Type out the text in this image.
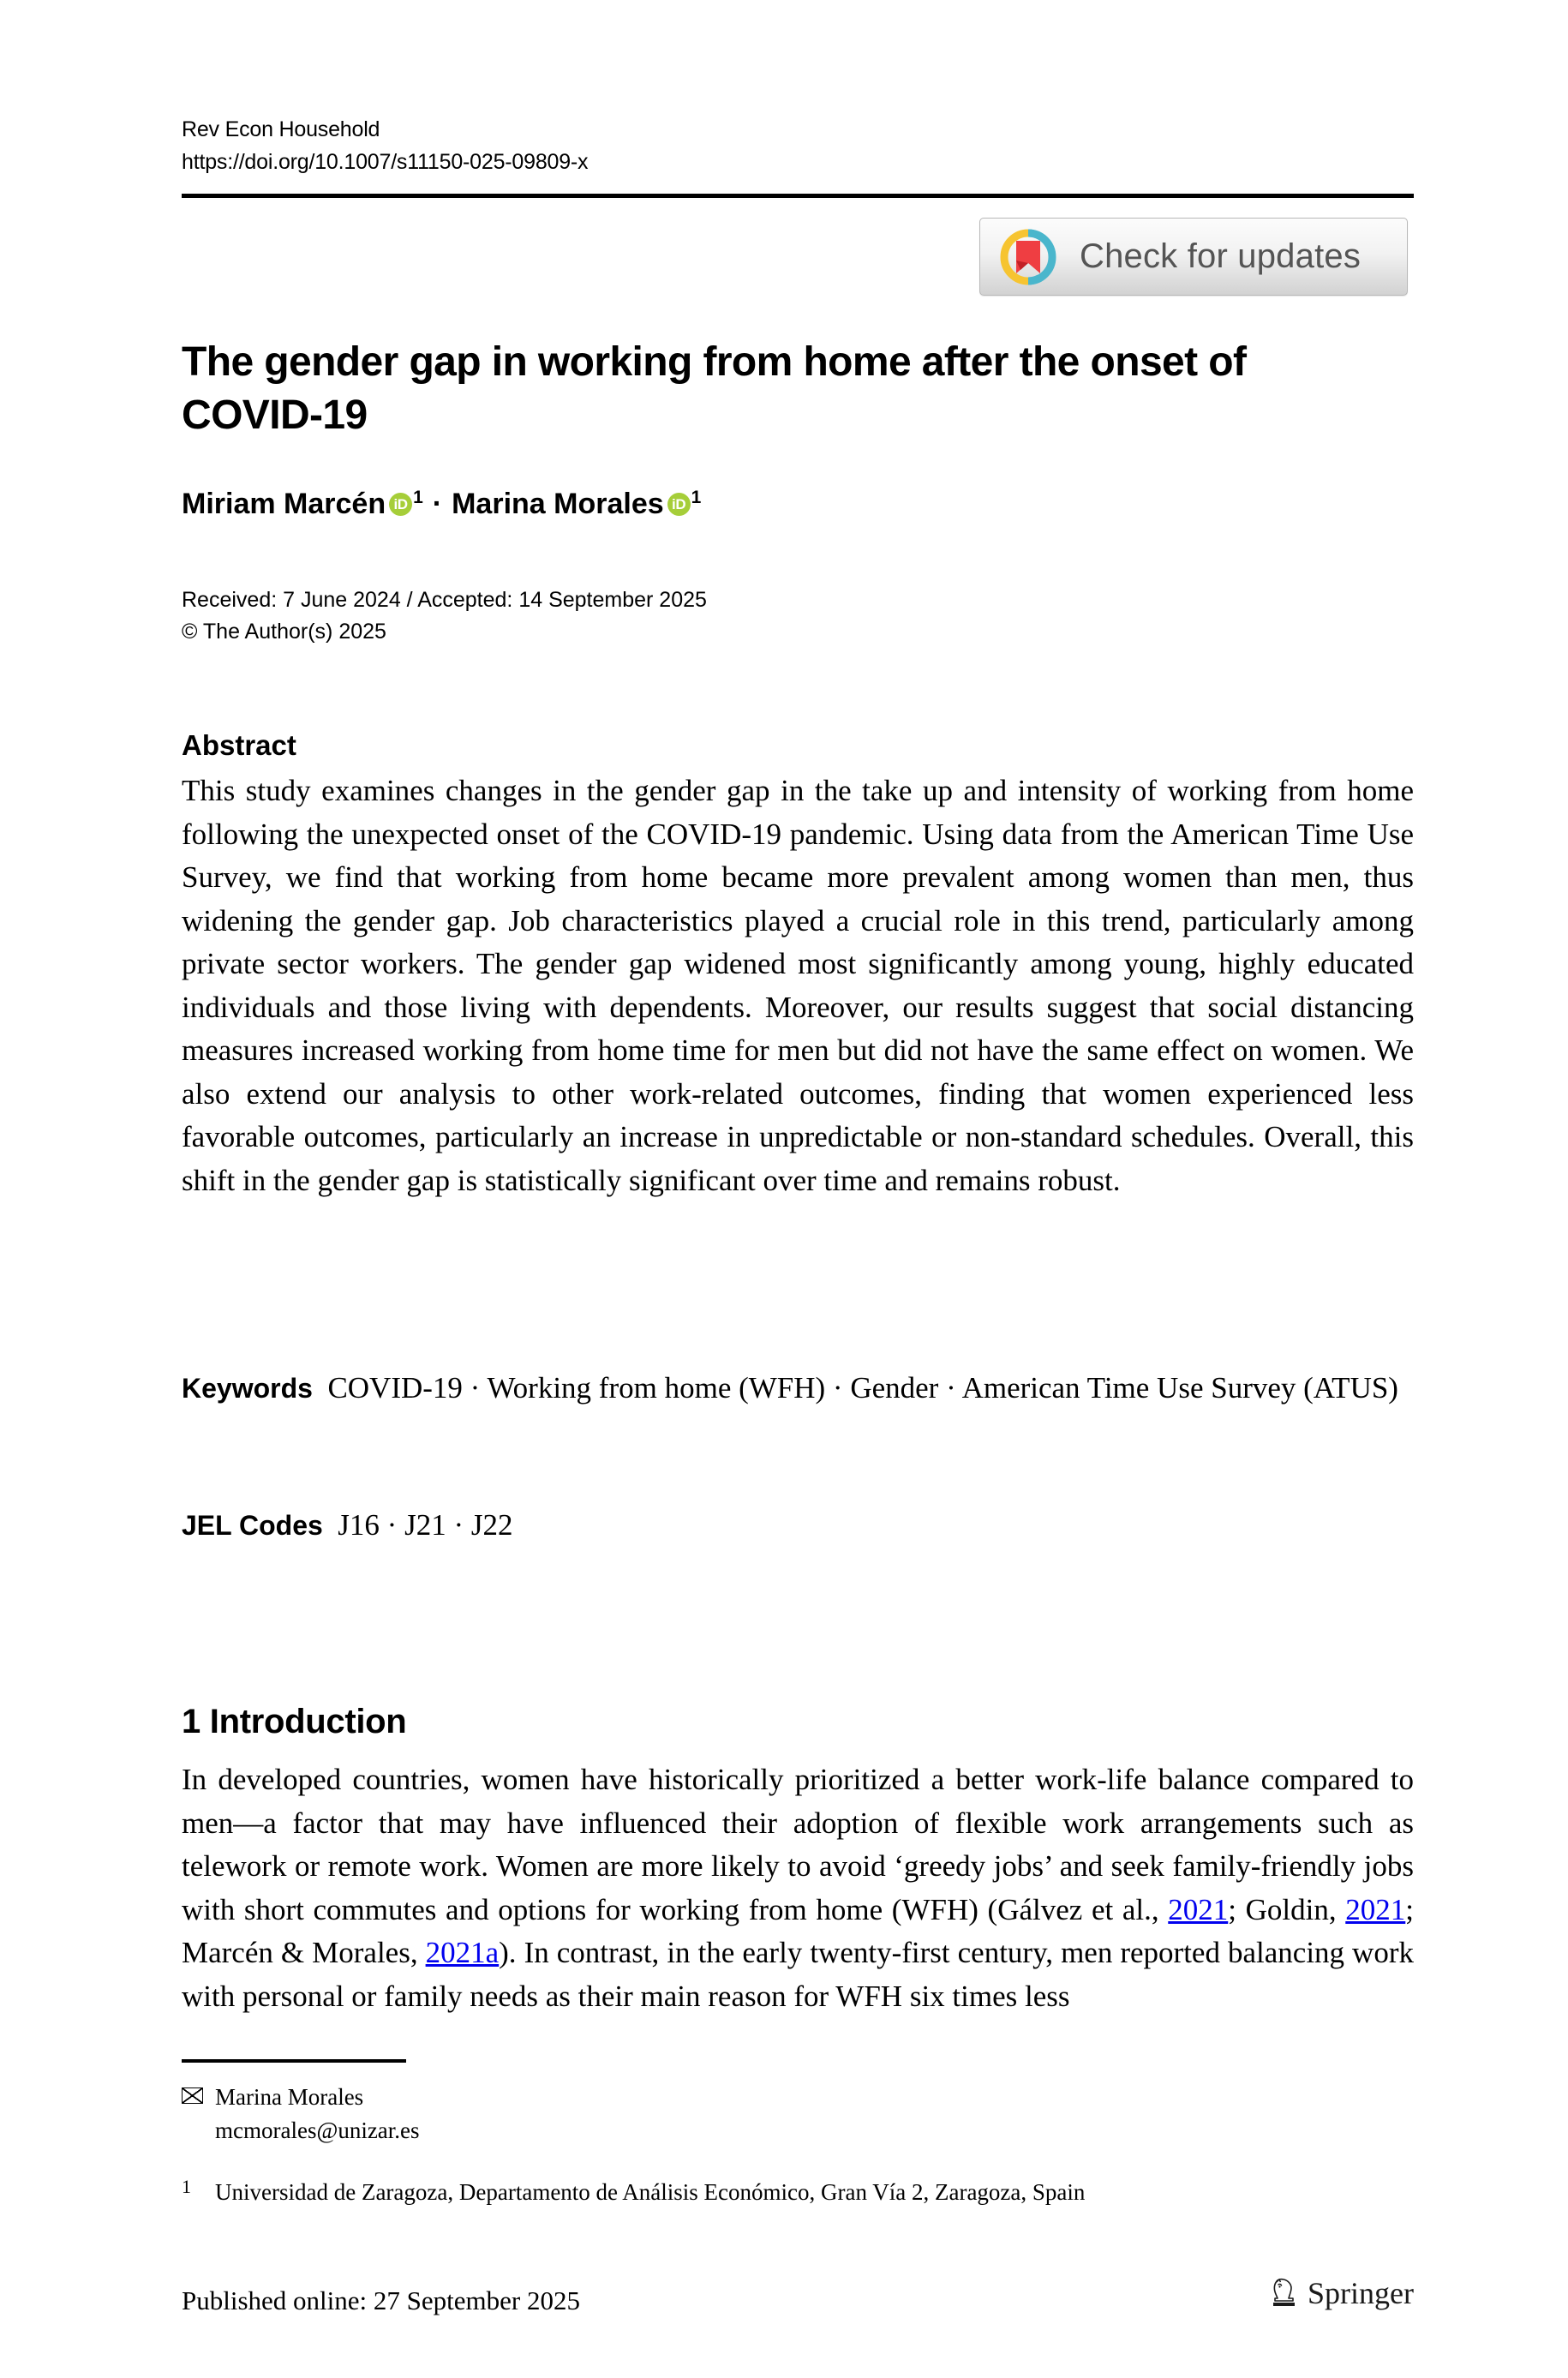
Rev Econ Household
https://doi.org/10.1007/s11150-025-09809-x
Check for updates
The gender gap in working from home after the onset of COVID-19
Miriam Marcén iD 1 · Marina Morales iD 1
Received: 7 June 2024 / Accepted: 14 September 2025
© The Author(s) 2025
Abstract
This study examines changes in the gender gap in the take up and intensity of working from home following the unexpected onset of the COVID-19 pandemic. Using data from the American Time Use Survey, we find that working from home became more prevalent among women than men, thus widening the gender gap. Job characteristics played a crucial role in this trend, particularly among private sector workers. The gender gap widened most significantly among young, highly educated individuals and those living with dependents. Moreover, our results suggest that social distancing measures increased working from home time for men but did not have the same effect on women. We also extend our analysis to other work-related outcomes, finding that women experienced less favorable outcomes, particularly an increase in unpredictable or non-standard schedules. Overall, this shift in the gender gap is statistically significant over time and remains robust.
Keywords COVID-19 · Working from home (WFH) · Gender · American Time Use Survey (ATUS)
JEL Codes J16 · J21 · J22
1 Introduction
In developed countries, women have historically prioritized a better work-life balance compared to men—a factor that may have influenced their adoption of flexible work arrangements such as telework or remote work. Women are more likely to avoid ‘greedy jobs’ and seek family-friendly jobs with short commutes and options for working from home (WFH) (Gálvez et al., 2021; Goldin, 2021; Marcén & Morales, 2021a). In contrast, in the early twenty-first century, men reported balancing work with personal or family needs as their main reason for WFH six times less
Marina Morales
mcmorales@unizar.es
1	Universidad de Zaragoza, Departamento de Análisis Económico, Gran Vía 2, Zaragoza, Spain
Published online: 27 September 2025	Springer
